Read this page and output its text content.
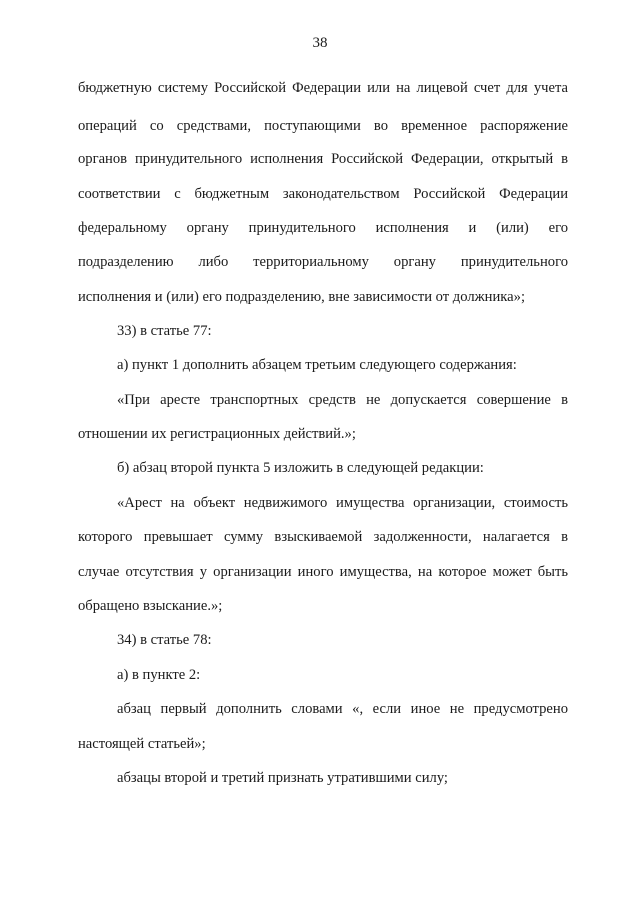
38
бюджетную систему Российской Федерации или на лицевой счет для учета
операций со средствами, поступающими во временное распоряжение
органов принудительного исполнения Российской Федерации, открытый в
соответствии с бюджетным законодательством Российской Федерации
федеральному органу принудительного исполнения и (или) его
подразделению либо территориальному органу принудительного
исполнения и (или) его подразделению, вне зависимости от должника»;
33) в статье 77:
а) пункт 1 дополнить абзацем третьим следующего содержания:
«При аресте транспортных средств не допускается совершение в
отношении их регистрационных действий.»;
б) абзац второй пункта 5 изложить в следующей редакции:
«Арест на объект недвижимого имущества организации, стоимость
которого превышает сумму взыскиваемой задолженности, налагается в
случае отсутствия у организации иного имущества, на которое может быть
обращено взыскание.»;
34) в статье 78:
а) в пункте 2:
абзац первый дополнить словами «, если иное не предусмотрено
настоящей статьей»;
абзацы второй и третий признать утратившими силу;
